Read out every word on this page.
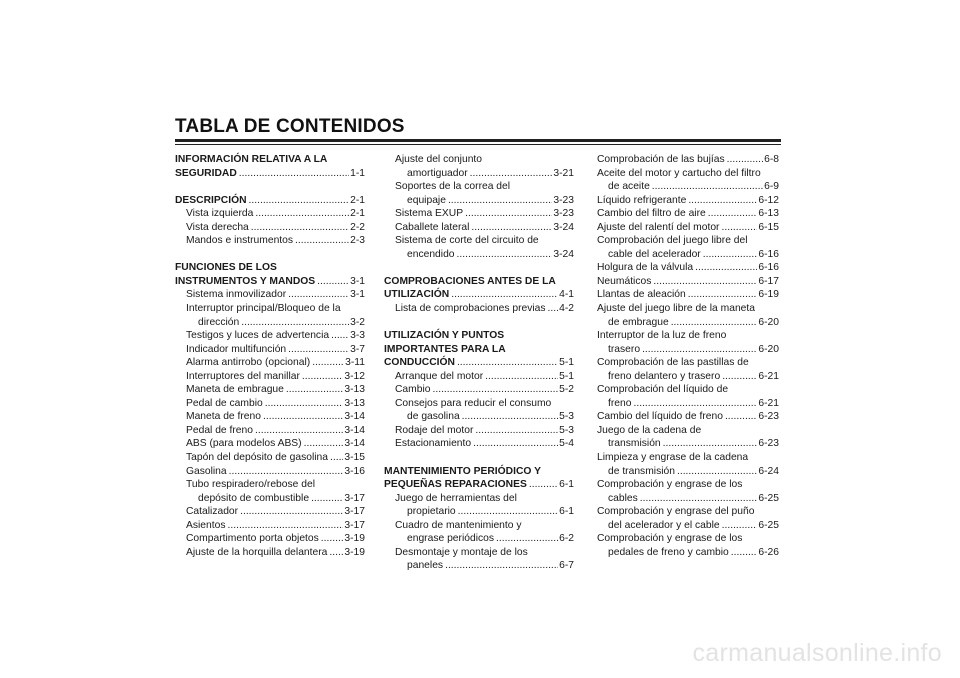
TABLA DE CONTENIDOS
INFORMACIÓN RELATIVA A LA
SEGURIDAD .....	1-1
DESCRIPCIÓN .....	2-1
Vista izquierda .....	2-1
Vista derecha .....	2-2
Mandos e instrumentos .....	2-3
FUNCIONES DE LOS
INSTRUMENTOS Y MANDOS .....	3-1
Sistema inmovilizador .....	3-1
Interruptor principal/Bloqueo de la
dirección .....	3-2
Testigos y luces de advertencia ..... 3-3
Indicador multifunción .....	3-7
Alarma antirrobo (opcional) .....	3-11
Interruptores del manillar .....	3-12
Maneta de embrague .....	3-13
Pedal de cambio .....	3-13
Maneta de freno .....	3-14
Pedal de freno .....	3-14
ABS (para modelos ABS) .....	3-14
Tapón del depósito de gasolina ..... 3-15
Gasolina .....	3-16
Tubo respiradero/rebose del
depósito de combustible .....	3-17
Catalizador .....	3-17
Asientos .....	3-17
Compartimento porta objetos ..... 3-19
Ajuste de la horquilla delantera ..... 3-19
Ajuste del conjunto
amortiguador .....	3-21
Soportes de la correa del
equipaje .....	3-23
Sistema EXUP .....	3-23
Caballete lateral .....	3-24
Sistema de corte del circuito de
encendido .....	3-24
COMPROBACIONES ANTES DE LA
UTILIZACIÓN .....	4-1
Lista de comprobaciones previas ..... 4-2
UTILIZACIÓN Y PUNTOS
IMPORTANTES PARA LA
CONDUCCIÓN .....	5-1
Arranque del motor .....	5-1
Cambio .....	5-2
Consejos para reducir el consumo
de gasolina .....	5-3
Rodaje del motor .....	5-3
Estacionamiento .....	5-4
MANTENIMIENTO PERIÓDICO Y
PEQUEÑAS REPARACIONES .....	6-1
Juego de herramientas del
propietario .....	6-1
Cuadro de mantenimiento y
engrase periódicos .....	6-2
Desmontaje y montaje de los
paneles .....	6-7
Comprobación de las bujías .....	6-8
Aceite del motor y cartucho del filtro
de aceite .....	6-9
Líquido refrigerante .....	6-12
Cambio del filtro de aire .....	6-13
Ajuste del ralentí del motor .....	6-15
Comprobación del juego libre del
cable del acelerador .....	6-16
Holgura de la válvula .....	6-16
Neumáticos .....	6-17
Llantas de aleación .....	6-19
Ajuste del juego libre de la maneta
de embrague .....	6-20
Interruptor de la luz de freno
trasero .....	6-20
Comprobación de las pastillas de
freno delantero y trasero .....	6-21
Comprobación del líquido de
freno .....	6-21
Cambio del líquido de freno .....	6-23
Juego de la cadena de
transmisión .....	6-23
Limpieza y engrase de la cadena
de transmisión .....	6-24
Comprobación y engrase de los
cables .....	6-25
Comprobación y engrase del puño
del acelerador y el cable .....	6-25
Comprobación y engrase de los
pedales de freno y cambio .....	6-26
carmanualsonline.info
